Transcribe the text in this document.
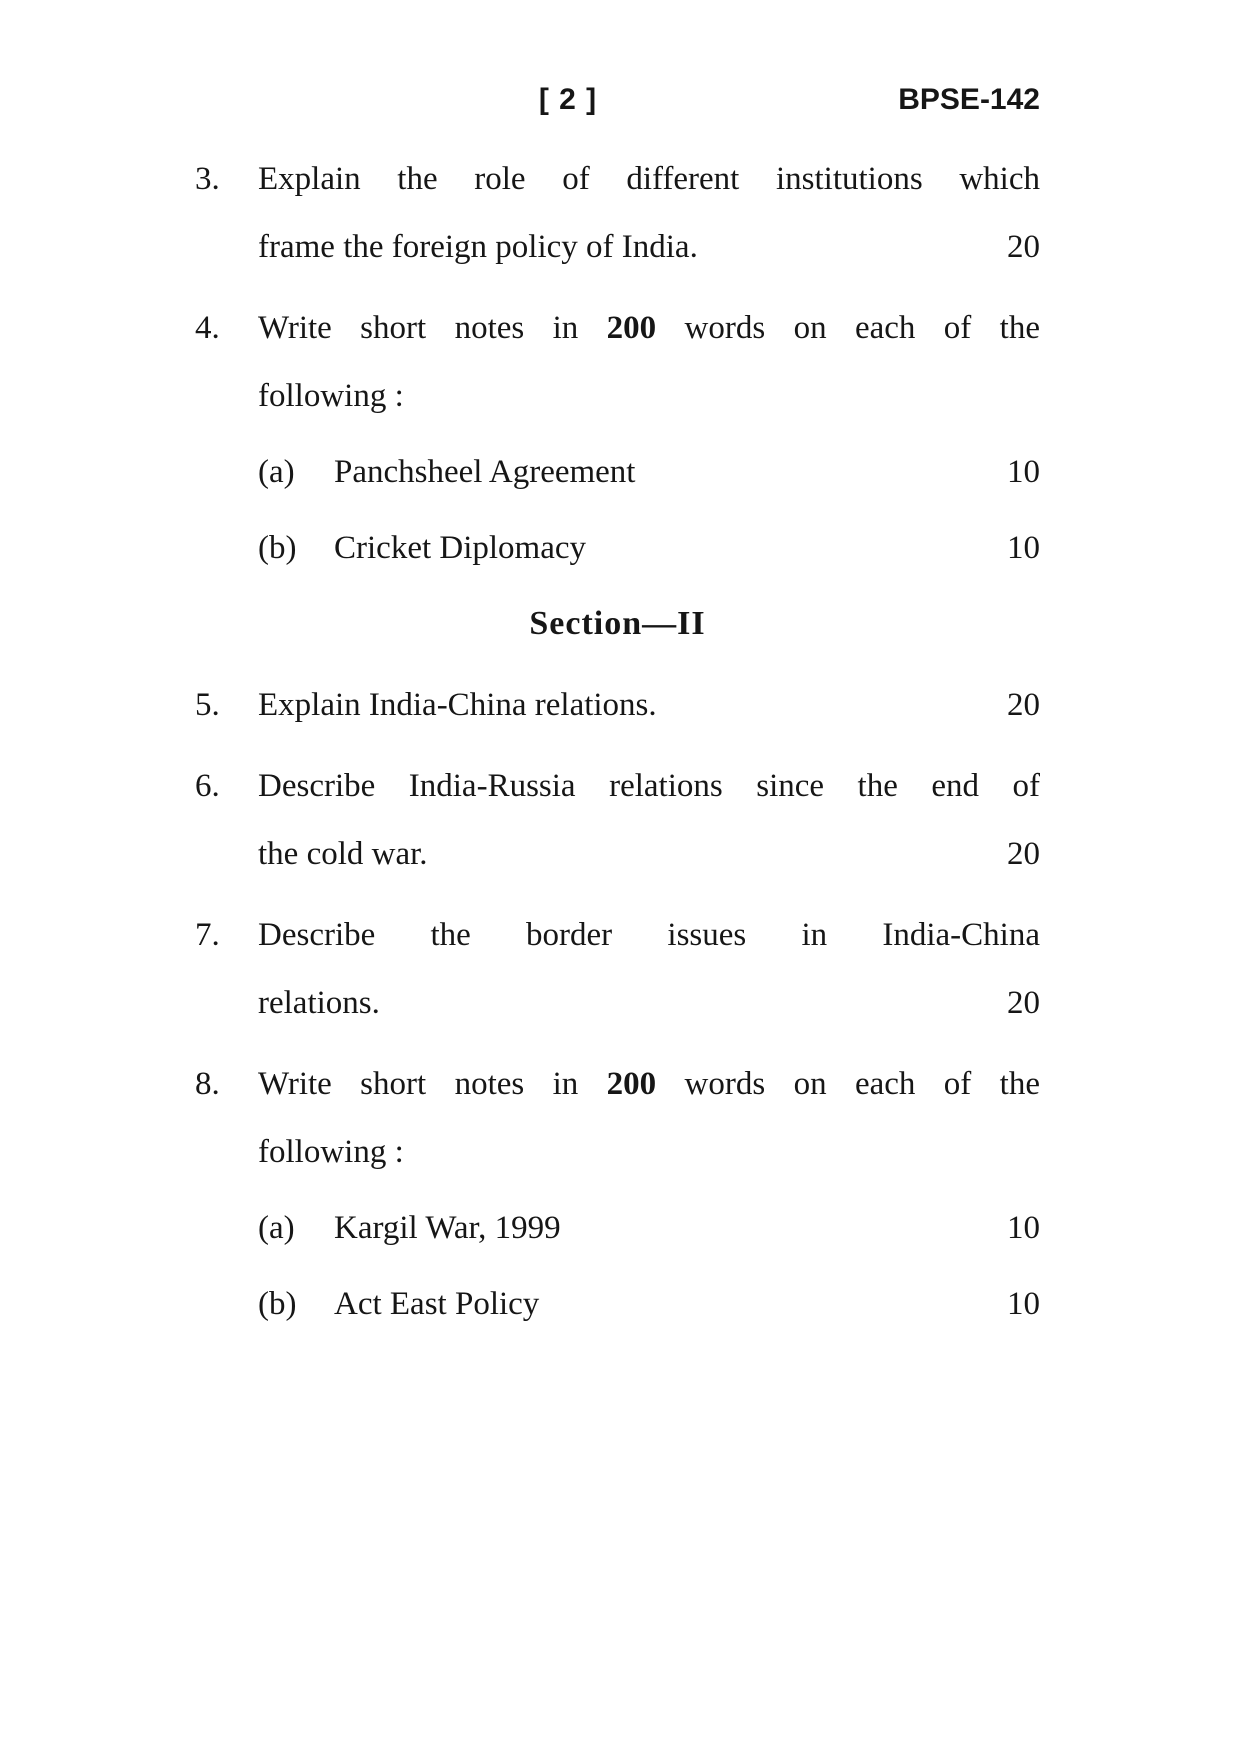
[ 2 ]	BPSE-142
3.	Explain the role of different institutions which
frame the foreign policy of India.	20
4.	Write short notes in 200 words on each of the
following :
(a)	Panchsheel Agreement	10
(b)	Cricket Diplomacy	10
Section—II
5.	Explain India-China relations.	20
6.	Describe India-Russia relations since the end of
the cold war.	20
7.	Describe the border issues in India-China
relations.	20
8.	Write short notes in 200 words on each of the
following :
(a)	Kargil War, 1999	10
(b)	Act East Policy	10
